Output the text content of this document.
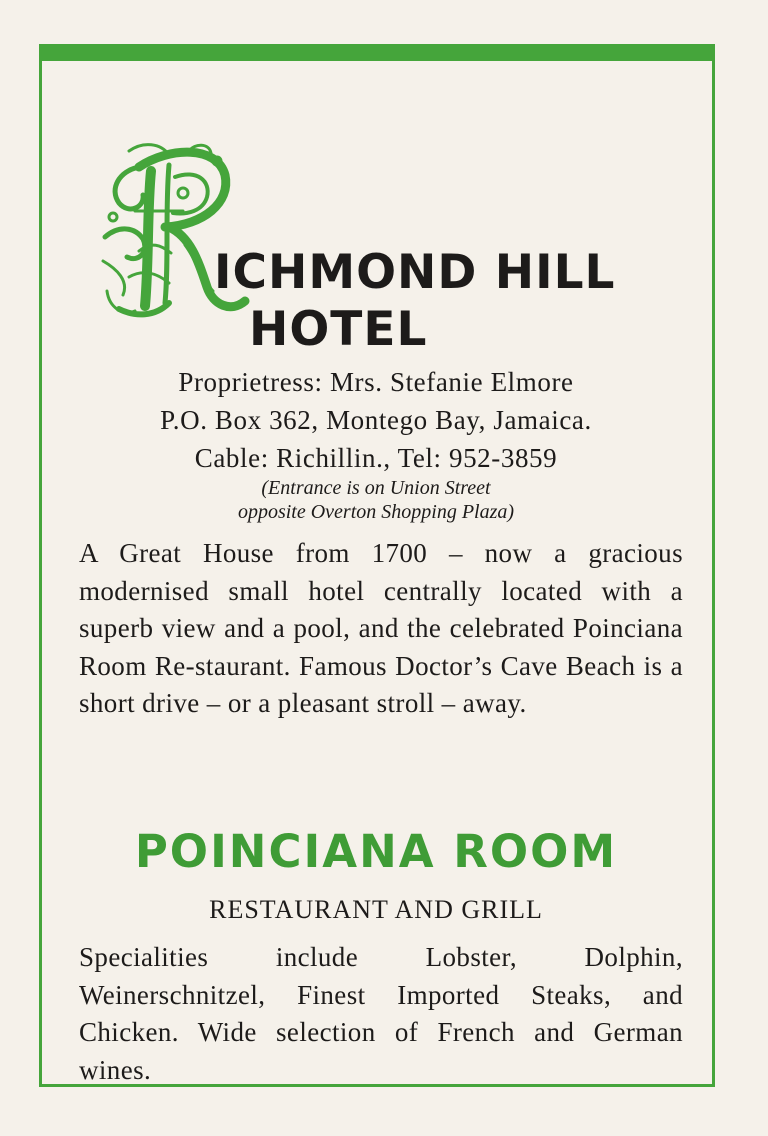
ICHMOND HILL
HOTEL
Proprietress: Mrs. Stefanie Elmore
P.O. Box 362, Montego Bay, Jamaica.
Cable: Richillin., Tel: 952-3859
(Entrance is on Union Street
opposite Overton Shopping Plaza)

A Great House from 1700 – now a gracious modernised small hotel centrally located with a superb view and a pool, and the celebrated Poinciana Room Re-staurant. Famous Doctor’s Cave Beach is a short drive – or a pleasant stroll – away.

POINCIANA ROOM
RESTAURANT AND GRILL

Specialities include Lobster, Dolphin, Weinerschnitzel, Finest Imported Steaks, and Chicken. Wide selection of French and German wines.
